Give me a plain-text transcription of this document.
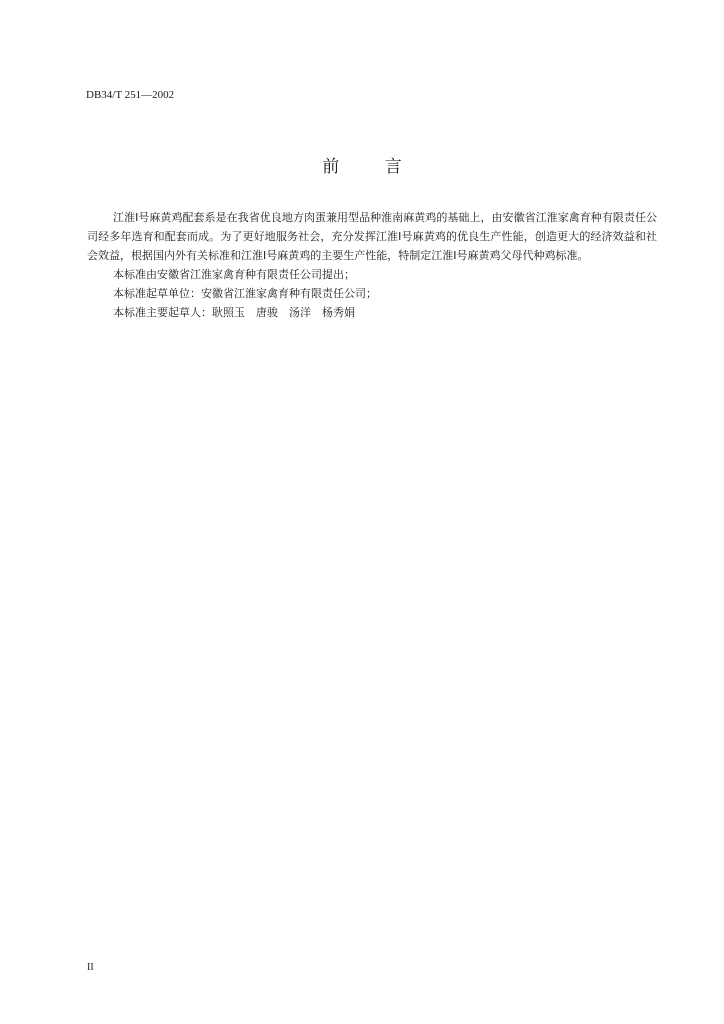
DB34/T 251—2002
前	言

江淮Ⅰ号麻黄鸡配套系是在我省优良地方肉蛋兼用型品种淮南麻黄鸡的基础上，由安徽省江淮家禽育种有限责任公司经多年选育和配套而成。为了更好地服务社会，充分发挥江淮Ⅰ号麻黄鸡的优良生产性能，创造更大的经济效益和社会效益，根据国内外有关标准和江淮Ⅰ号麻黄鸡的主要生产性能，特制定江淮Ⅰ号麻黄鸡父母代种鸡标准。

本标准由安徽省江淮家禽育种有限责任公司提出；

本标准起草单位：安徽省江淮家禽育种有限责任公司；

本标准主要起草人：耿照玉　唐骏　汤洋　杨秀娟

II
